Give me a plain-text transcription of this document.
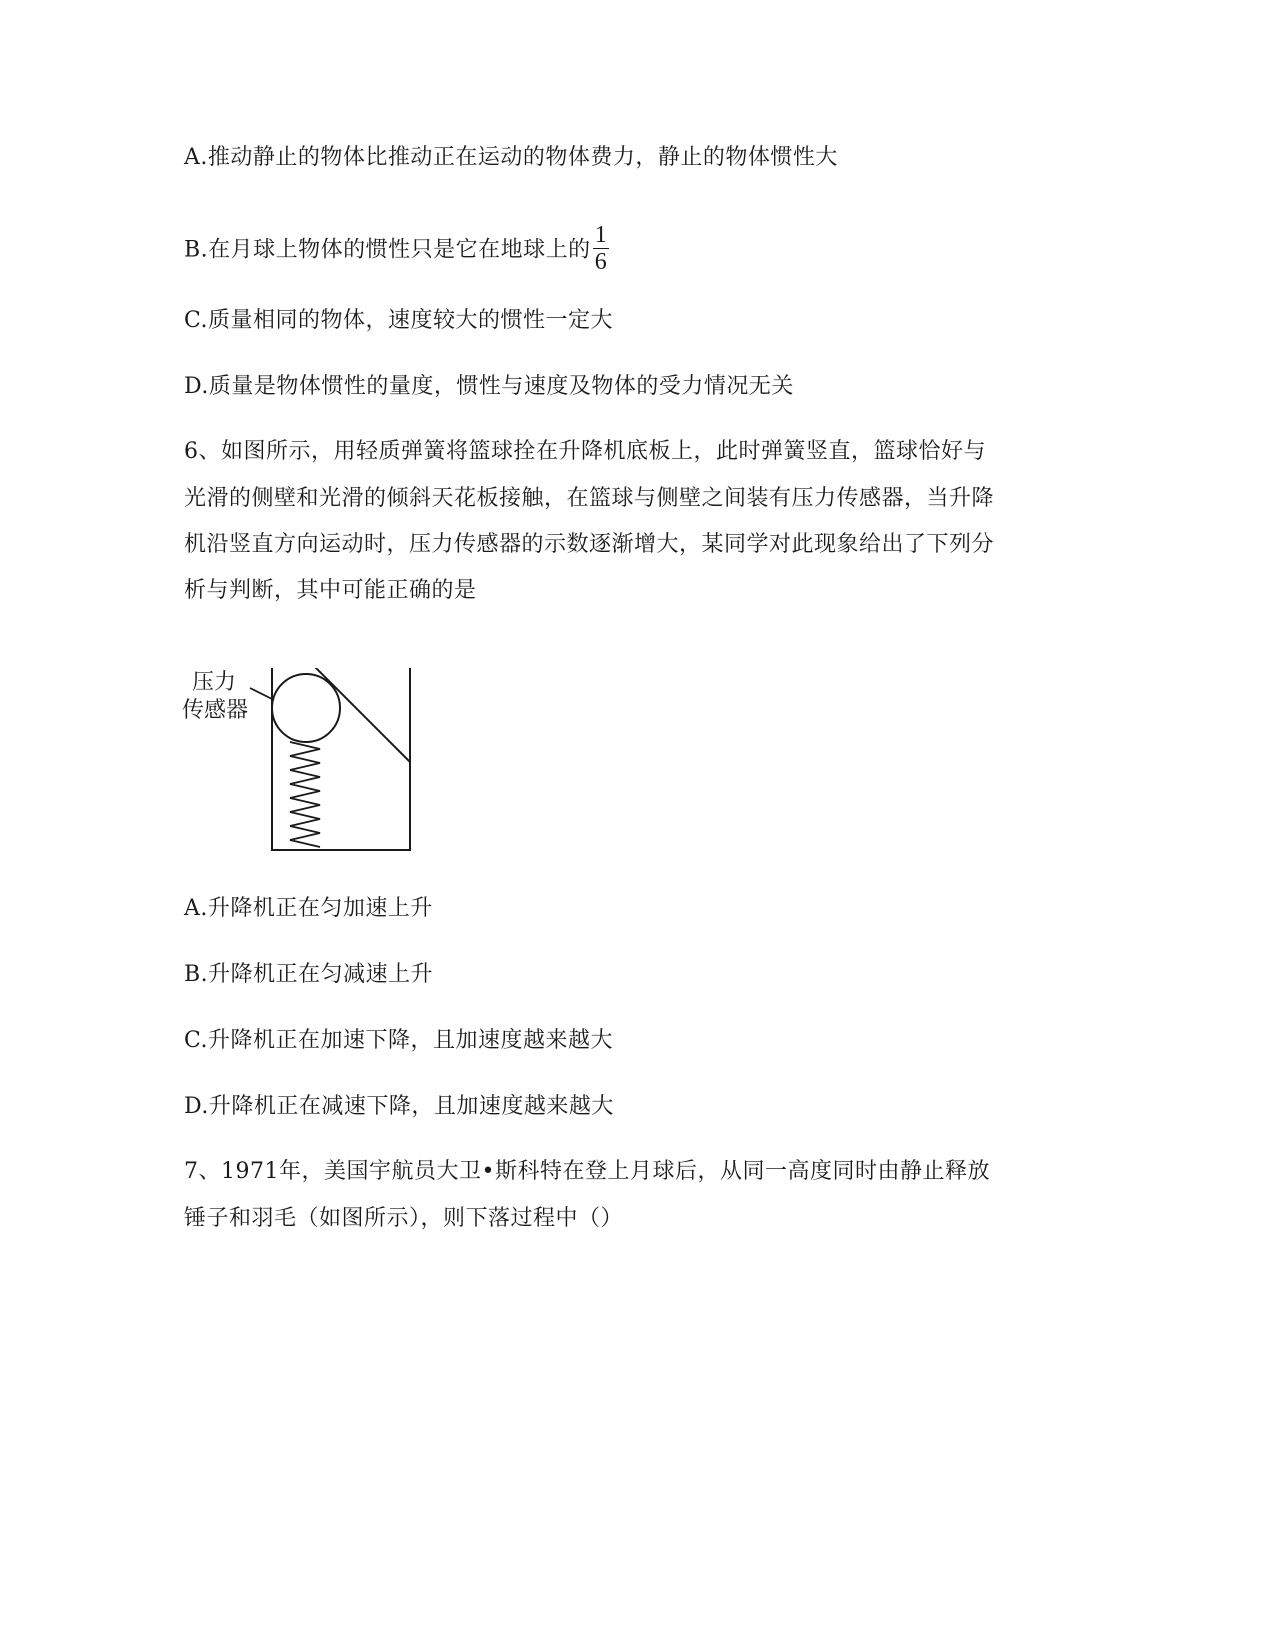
A.推动静止的物体比推动正在运动的物体费力，静止的物体惯性大
B.在月球上物体的惯性只是它在地球上的 $\frac{1}{6}$
C.质量相同的物体，速度较大的惯性一定大
D.质量是物体惯性的量度，惯性与速度及物体的受力情况无关
6、如图所示，用轻质弹簧将篮球拴在升降机底板上，此时弹簧竖直，篮球恰好与
光滑的侧壁和光滑的倾斜天花板接触，在篮球与侧壁之间装有压力传感器，当升降
机沿竖直方向运动时，压力传感器的示数逐渐增大，某同学对此现象给出了下列分
析与判断，其中可能正确的是
压力
传感器
A.升降机正在匀加速上升
B.升降机正在匀减速上升
C.升降机正在加速下降，且加速度越来越大
D.升降机正在减速下降，且加速度越来越大
7、1971年，美国宇航员大卫•斯科特在登上月球后，从同一高度同时由静止释放
锤子和羽毛（如图所示），则下落过程中（）
